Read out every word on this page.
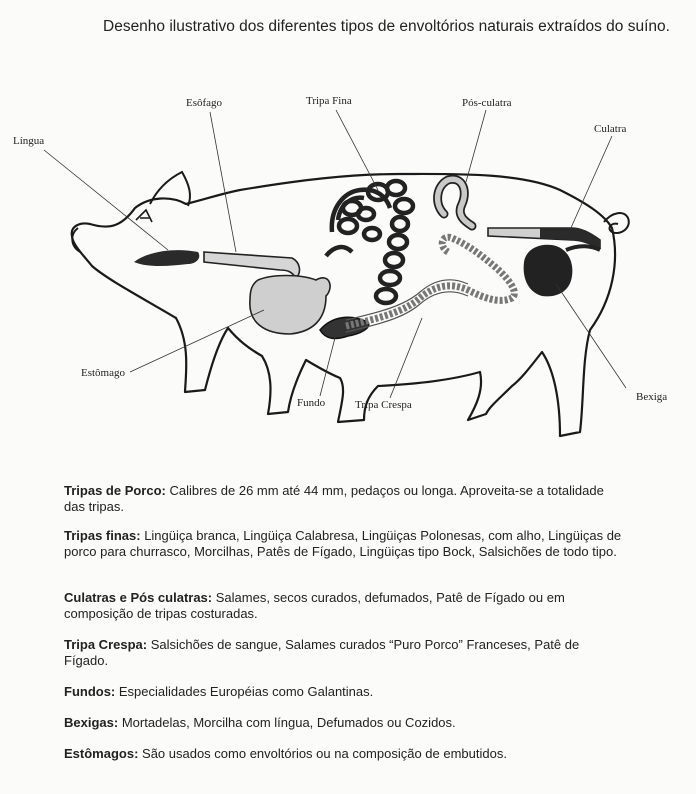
Desenho ilustrativo dos diferentes tipos de envoltórios naturais extraídos do suíno.
Língua
Esôfago	Tripa Fina	Pós-culatra
Culatra
Estômago
Fundo	Tripa Crespa
Bexiga
Tripas de Porco: Calibres de 26 mm até 44 mm, pedaços ou longa. Aproveita-se a totalidade das tripas.
Tripas finas: Lingüiça branca, Lingüiça Calabresa, Lingüiças Polonesas, com alho, Lingüiças de porco para churrasco, Morcilhas, Patês de Fígado, Lingüiças tipo Bock, Salsichões de todo tipo.
Culatras e Pós culatras: Salames, secos curados, defumados, Patê de Fígado ou em composição de tripas costuradas.
Tripa Crespa: Salsichões de sangue, Salames curados “Puro Porco” Franceses, Patê de Fígado.
Fundos: Especialidades Européias como Galantinas.
Bexigas: Mortadelas, Morcilha com língua, Defumados ou Cozidos.
Estômagos: São usados como envoltórios ou na composição de embutidos.
